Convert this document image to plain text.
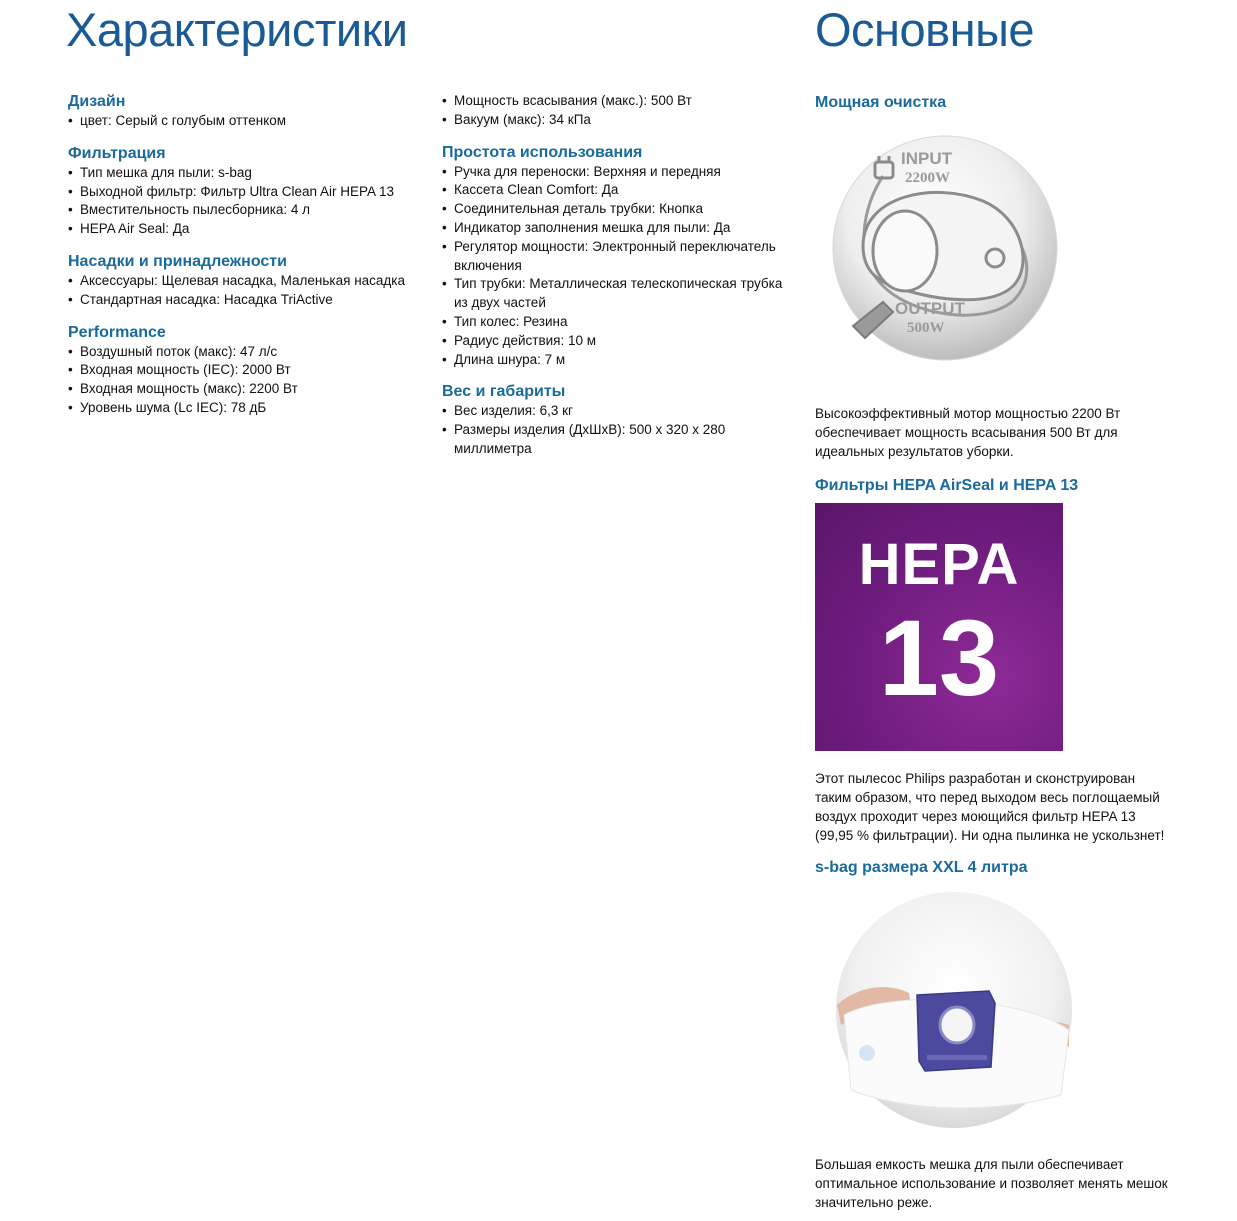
Характеристики	Основные
Дизайн
• цвет: Серый с голубым оттенком
Фильтрация
• Тип мешка для пыли: s-bag
• Выходной фильтр: Фильтр Ultra Clean Air HEPA 13
• Вместительность пылесборника: 4 л
• HEPA Air Seal: Да
Насадки и принадлежности
• Аксессуары: Щелевая насадка, Маленькая насадка
• Стандартная насадка: Насадка TriActive
Performance
• Воздушный поток (макс): 47 л/с
• Входная мощность (IEC): 2000 Вт
• Входная мощность (макс): 2200 Вт
• Уровень шума (Lc IEC): 78 дБ
• Мощность всасывания (макс.): 500 Вт
• Вакуум (макс): 34 кПа
Простота использования
• Ручка для переноски: Верхняя и передняя
• Кассета Clean Comfort: Да
• Соединительная деталь трубки: Кнопка
• Индикатор заполнения мешка для пыли: Да
• Регулятор мощности: Электронный переключатель включения
• Тип трубки: Металлическая телескопическая трубка из двух частей
• Тип колес: Резина
• Радиус действия: 10 м
• Длина шнура: 7 м
Вес и габариты
• Вес изделия: 6,3 кг
• Размеры изделия (ДxШxВ): 500 x 320 x 280 миллиметра
Мощная очистка
INPUT
2200W
OUTPUT
500W

Высокоэффективный мотор мощностью 2200 Вт обеспечивает мощность всасывания 500 Вт для идеальных результатов уборки.

Фильтры HEPA AirSeal и HEPA 13
HEPA
13

Этот пылесос Philips разработан и сконструирован таким образом, что перед выходом весь поглощаемый воздух проходит через моющийся фильтр HEPA 13 (99,95 % фильтрации). Ни одна пылинка не ускользнет!

s-bag размера XXL 4 литра

Большая емкость мешка для пыли обеспечивает оптимальное использование и позволяет менять мешок значительно реже.
